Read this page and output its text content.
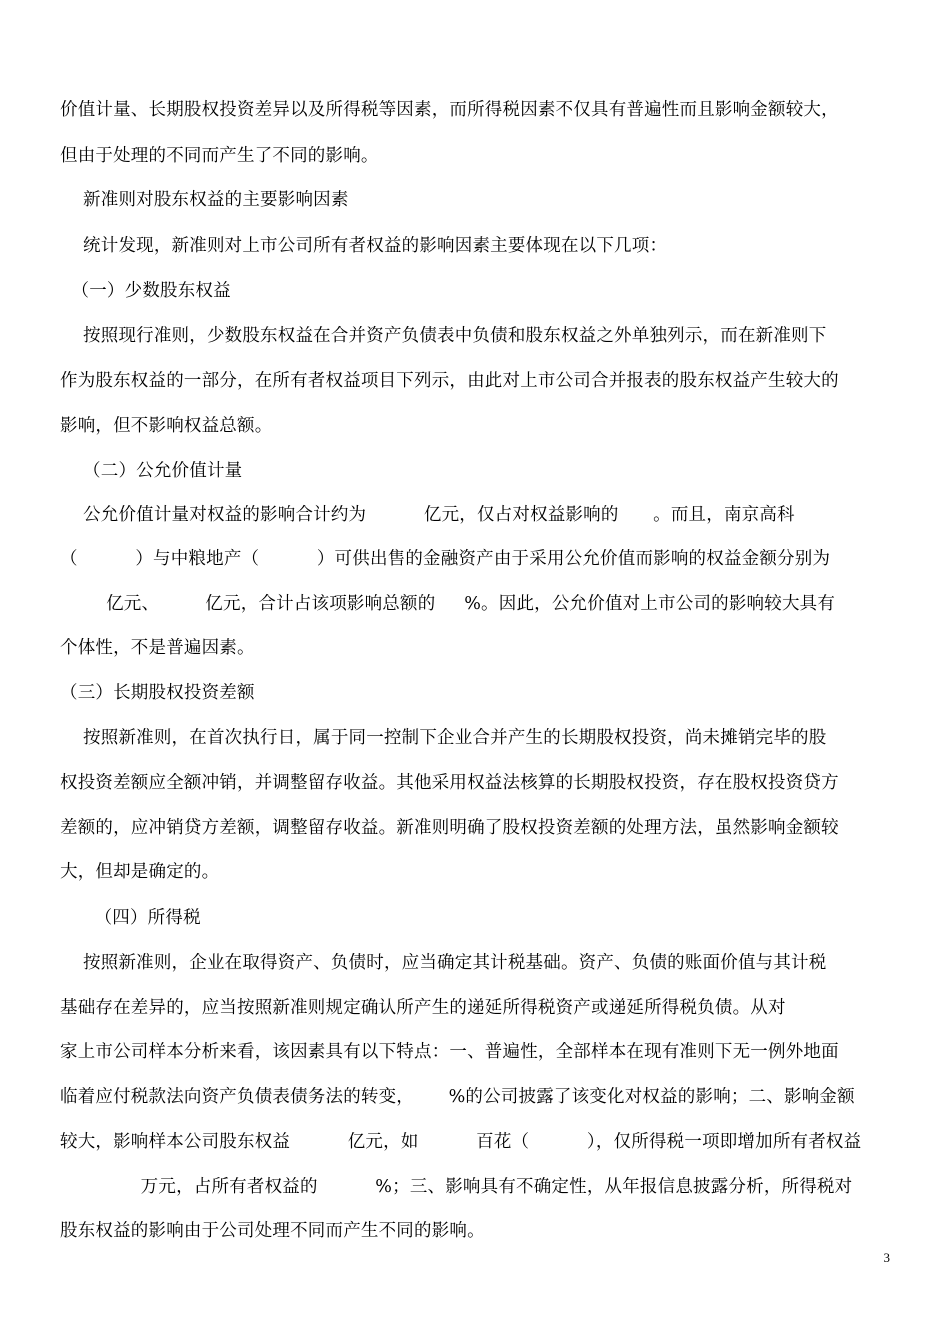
价值计量、长期股权投资差异以及所得税等因素，而所得税因素不仅具有普遍性而且影响金额较大，
但由于处理的不同而产生了不同的影响。
新准则对股东权益的主要影响因素
统计发现，新准则对上市公司所有者权益的影响因素主要体现在以下几项：
（一）少数股东权益
按照现行准则，少数股东权益在合并资产负债表中负债和股东权益之外单独列示，而在新准则下
作为股东权益的一部分，在所有者权益项目下列示，由此对上市公司合并报表的股东权益产生较大的
影响，但不影响权益总额。
（二）公允价值计量
公允价值计量对权益的影响合计约为          亿元，仅占对权益影响的      。而且，南京高科
（          ）与中粮地产（          ）可供出售的金融资产由于采用公允价值而影响的权益金额分别为
亿元、        亿元，合计占该项影响总额的     %。因此，公允价值对上市公司的影响较大具有
个体性，不是普遍因素。
（三）长期股权投资差额
按照新准则，在首次执行日，属于同一控制下企业合并产生的长期股权投资，尚未摊销完毕的股
权投资差额应全额冲销，并调整留存收益。其他采用权益法核算的长期股权投资，存在股权投资贷方
差额的，应冲销贷方差额，调整留存收益。新准则明确了股权投资差额的处理方法，虽然影响金额较
大，但却是确定的。
（四）所得税
按照新准则，企业在取得资产、负债时，应当确定其计税基础。资产、负债的账面价值与其计税
基础存在差异的，应当按照新准则规定确认所产生的递延所得税资产或递延所得税负债。从对
家上市公司样本分析来看，该因素具有以下特点：一、普遍性，全部样本在现有准则下无一例外地面
临着应付税款法向资产负债表债务法的转变，      %的公司披露了该变化对权益的影响；二、影响金额
较大，影响样本公司股东权益          亿元，如          百花（          ），仅所得税一项即增加所有者权益
万元，占所有者权益的          %；三、影响具有不确定性，从年报信息披露分析，所得税对
股东权益的影响由于公司处理不同而产生不同的影响。
3
